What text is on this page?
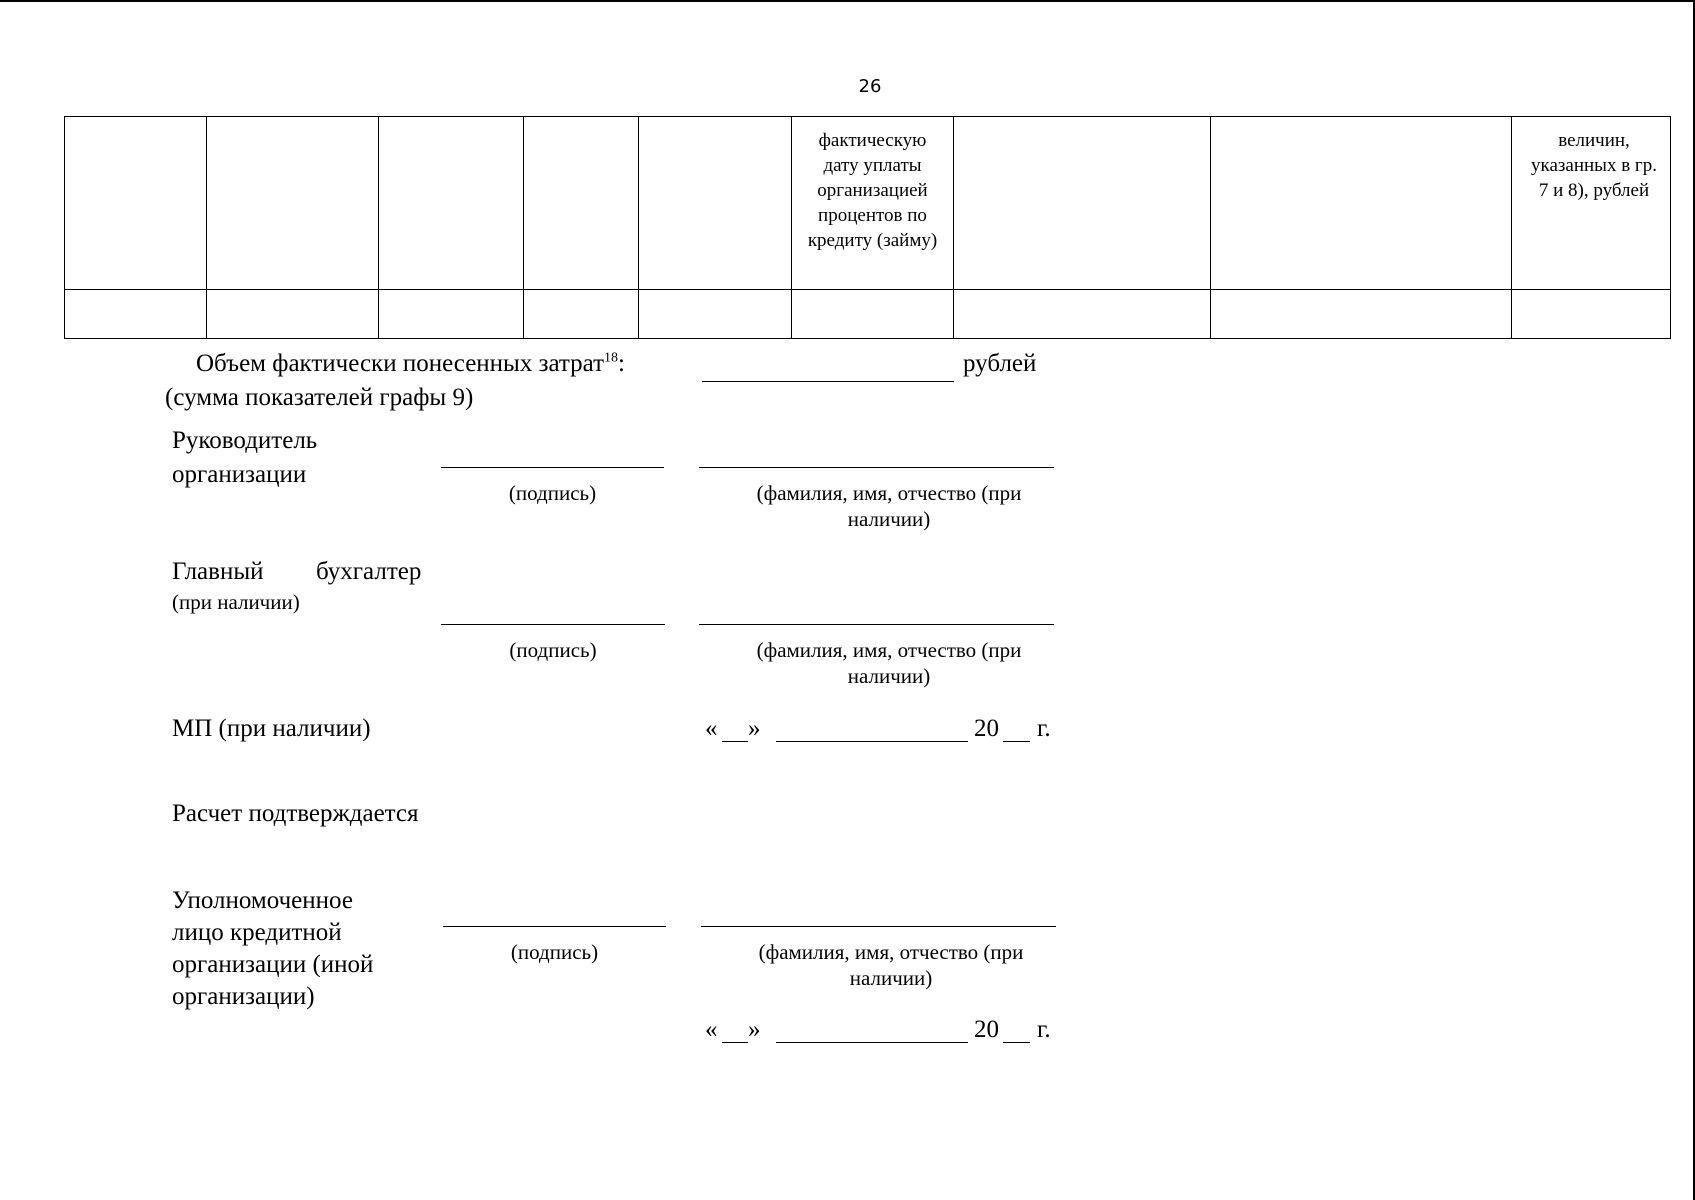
26

					фактическую дату уплаты организацией процентов по кредиту (займу)			величин, указанных в гр. 7 и 8), рублей

Объем фактически понесенных затрат$^{18}$:	рублей
(сумма показателей графы 9)
Руководитель
организации
(подпись)	(фамилия, имя, отчество (при
наличии)
Главный бухгалтер
(при наличии)
(подпись)	(фамилия, имя, отчество (при
наличии)
МП (при наличии)	« »	20 г.
Расчет подтверждается
Уполномоченное
лицо кредитной
организации (иной
организации)
(подпись)	(фамилия, имя, отчество (при
наличии)
« »	20 г.
